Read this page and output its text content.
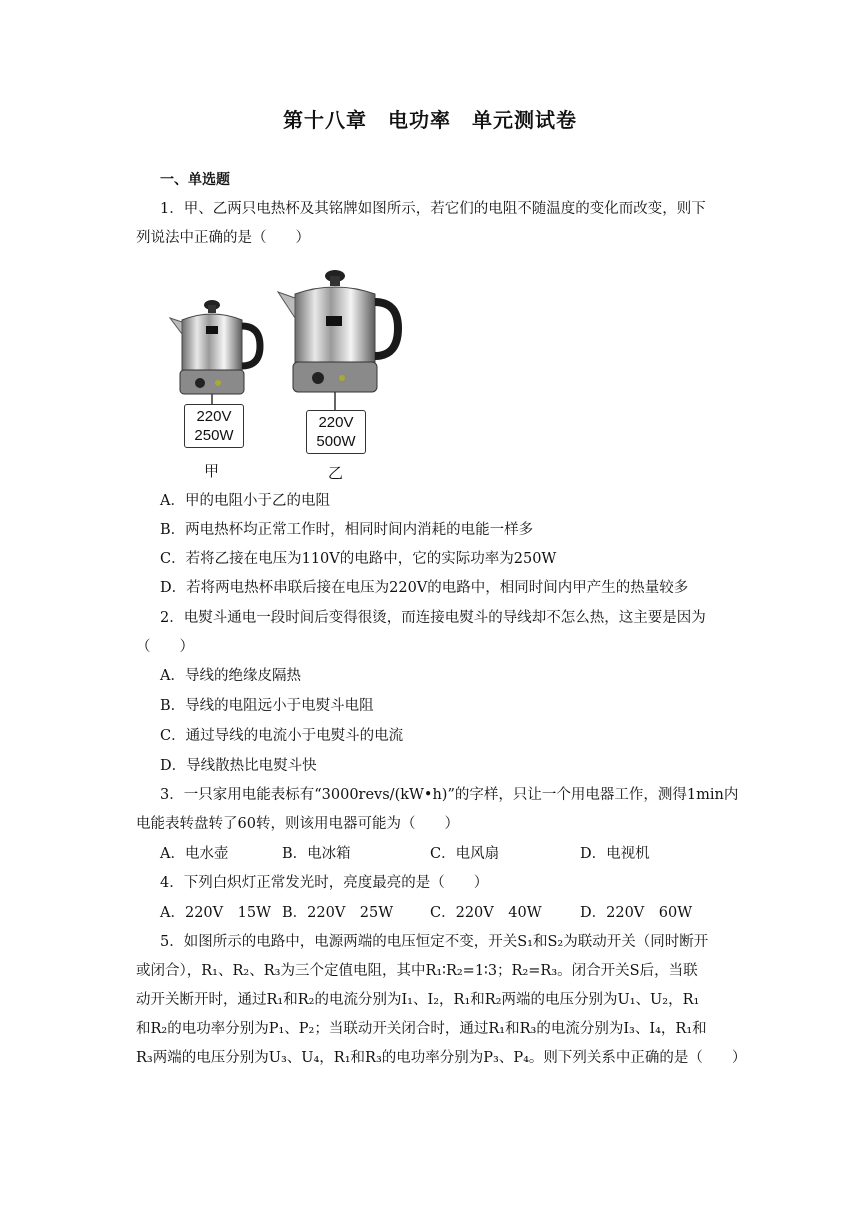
第十八章　电功率　单元测试卷
一、单选题
1．甲、乙两只电热杯及其铭牌如图所示，若它们的电阻不随温度的变化而改变，则下
列说法中正确的是（　　）
220V
250W
220V
500W
甲	乙
A．甲的电阻小于乙的电阻
B．两电热杯均正常工作时，相同时间内消耗的电能一样多
C．若将乙接在电压为110V的电路中，它的实际功率为250W
D．若将两电热杯串联后接在电压为220V的电路中，相同时间内甲产生的热量较多
2．电熨斗通电一段时间后变得很烫，而连接电熨斗的导线却不怎么热，这主要是因为
（　　）
A．导线的绝缘皮隔热
B．导线的电阻远小于电熨斗电阻
C．通过导线的电流小于电熨斗的电流
D．导线散热比电熨斗快
3．一只家用电能表标有“3000revs/(kW•h)”的字样，只让一个用电器工作，测得1min内
电能表转盘转了60转，则该用电器可能为（　　）
A．电水壶	B．电冰箱	C．电风扇	D．电视机
4．下列白炽灯正常发光时，亮度最亮的是（　　）
A．220V　15W B．220V　25W	C．220V　40W	D．220V　60W
5．如图所示的电路中，电源两端的电压恒定不变，开关S₁和S₂为联动开关（同时断开
或闭合），R₁、R₂、R₃为三个定值电阻，其中R₁∶R₂=1∶3；R₂=R₃。闭合开关S后，当联
动开关断开时，通过R₁和R₂的电流分别为I₁、I₂，R₁和R₂两端的电压分别为U₁、U₂，R₁
和R₂的电功率分别为P₁、P₂；当联动开关闭合时，通过R₁和R₃的电流分别为I₃、I₄，R₁和
R₃两端的电压分别为U₃、U₄，R₁和R₃的电功率分别为P₃、P₄。则下列关系中正确的是（　　）
